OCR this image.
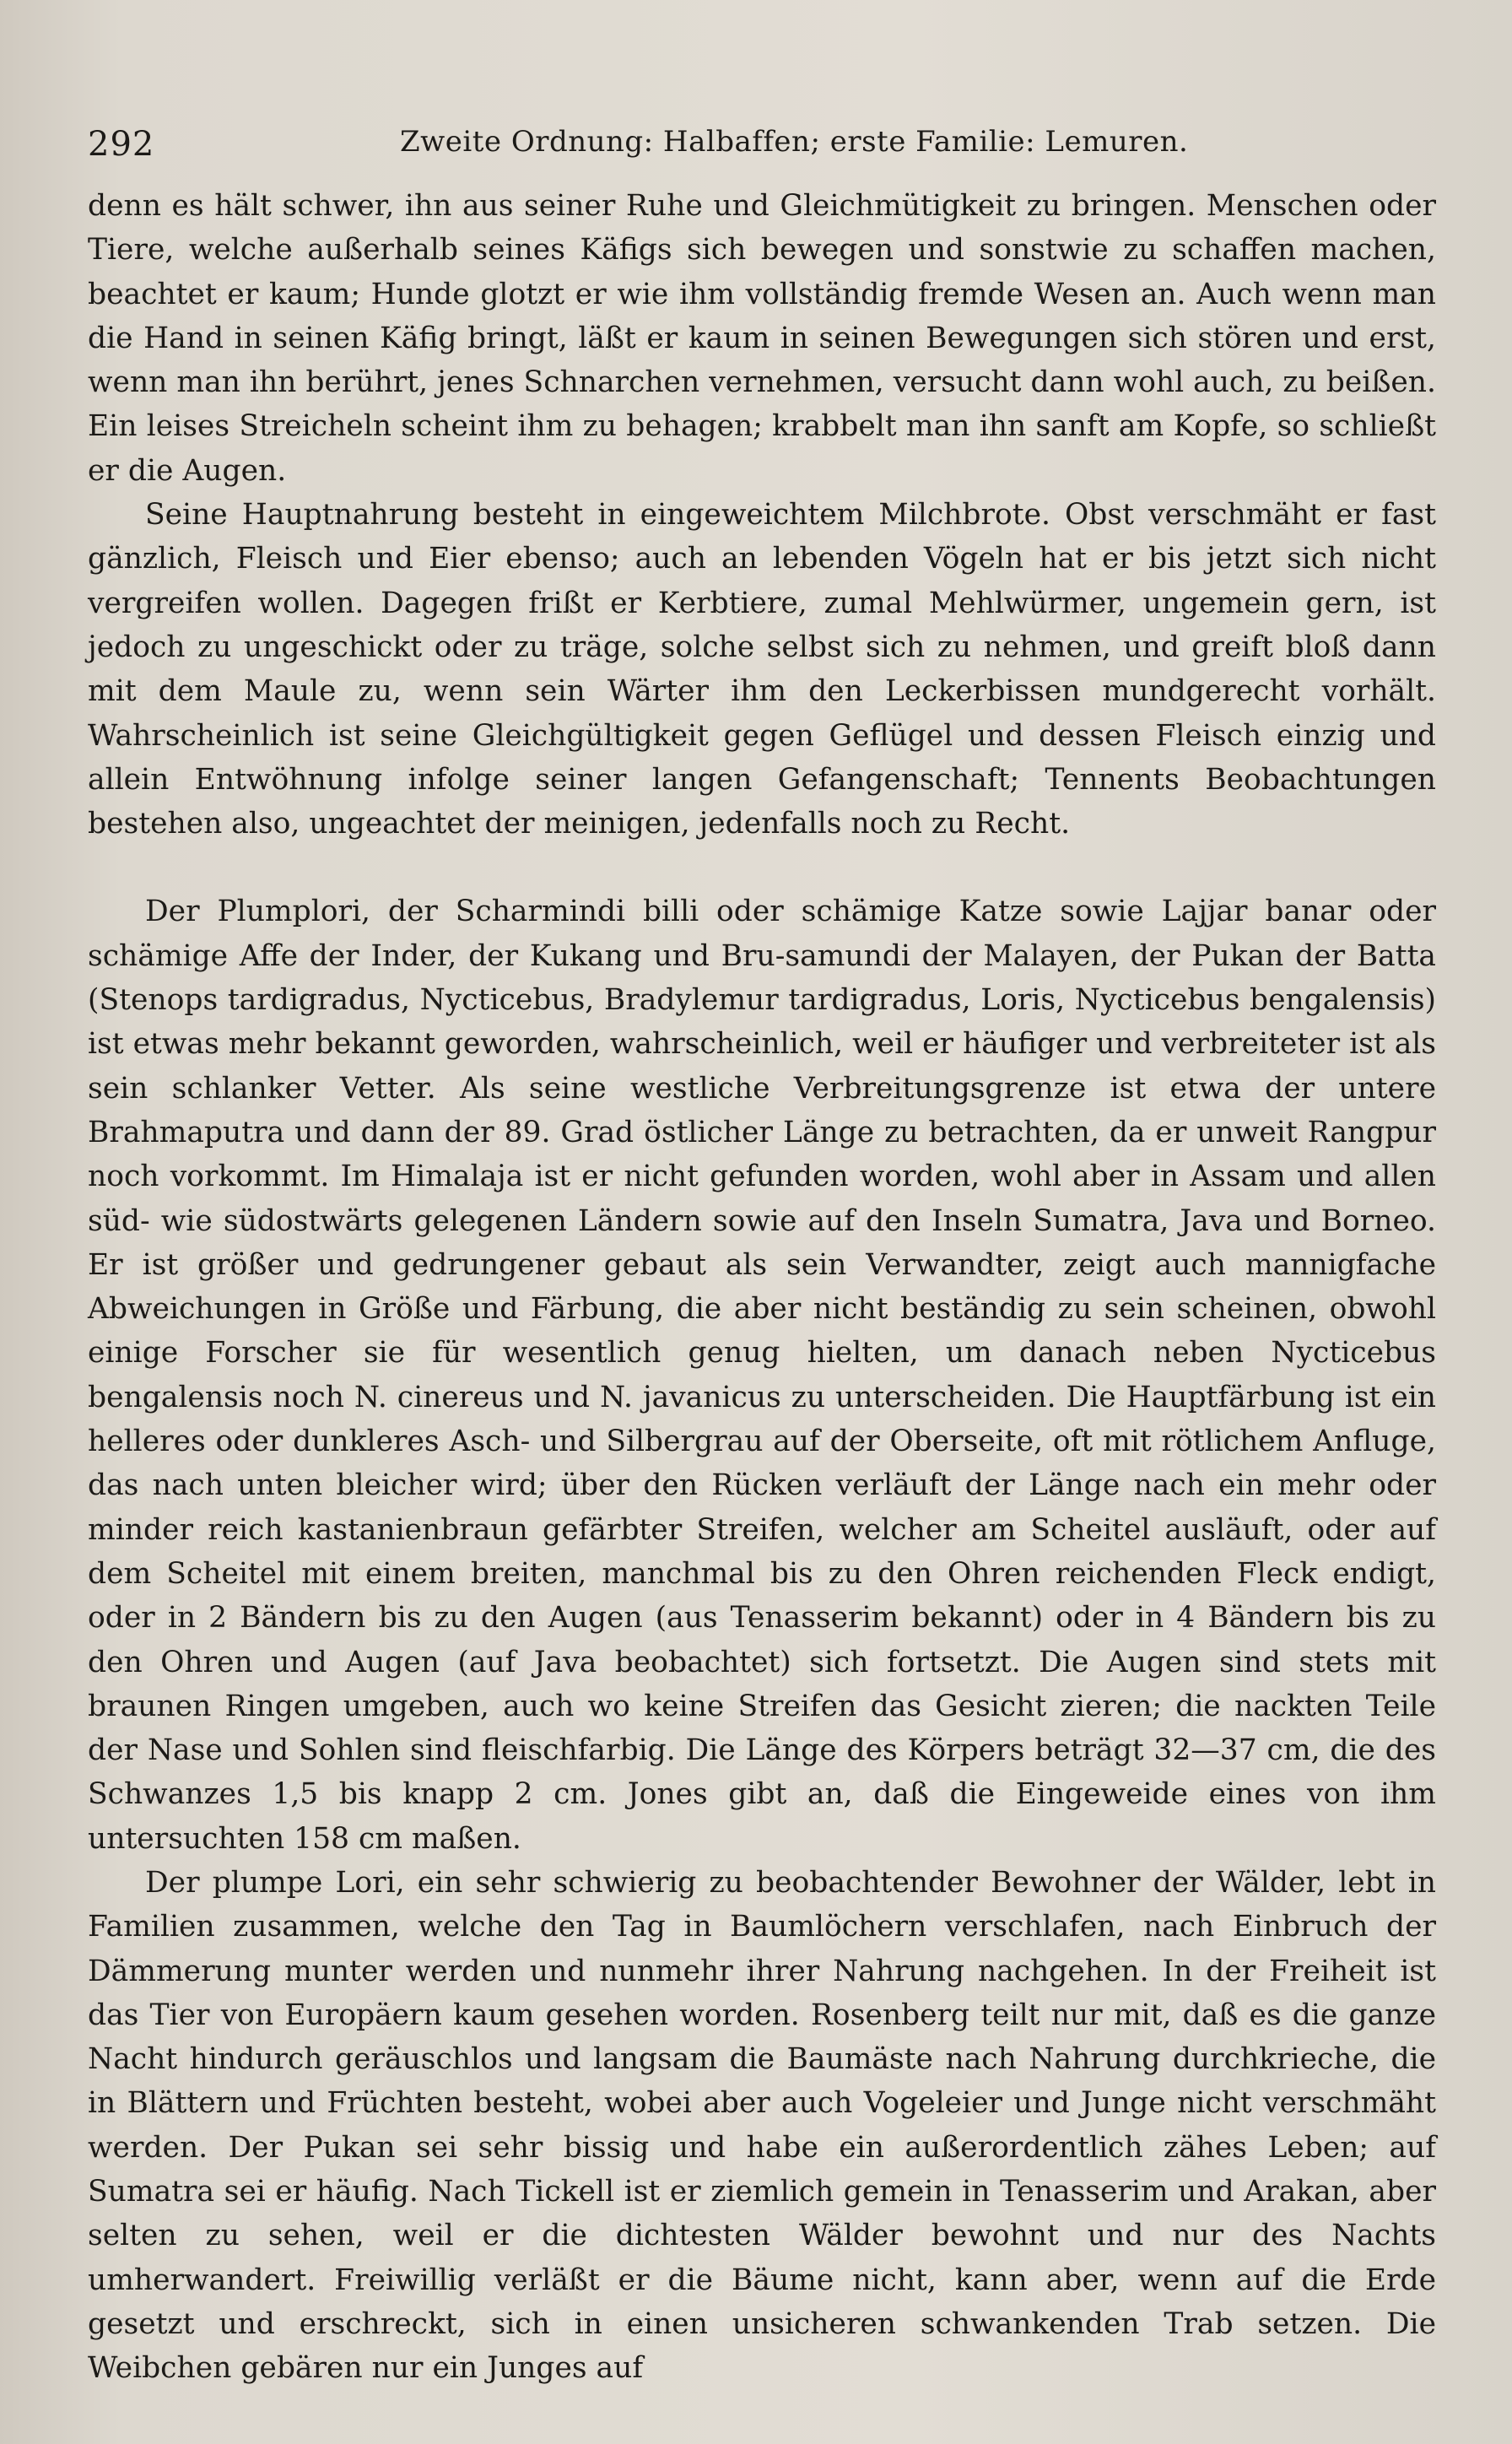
292	Zweite Ordnung: Halbaffen; erste Familie: Lemuren.

denn es hält schwer, ihn aus seiner Ruhe und Gleichmütigkeit zu bringen. Menschen oder Tiere, welche außerhalb seines Käfigs sich bewegen und sonstwie zu schaffen machen, beachtet er kaum; Hunde glotzt er wie ihm vollständig fremde Wesen an. Auch wenn man die Hand in seinen Käfig bringt, läßt er kaum in seinen Bewegungen sich stören und erst, wenn man ihn berührt, jenes Schnarchen vernehmen, versucht dann wohl auch, zu beißen. Ein leises Streicheln scheint ihm zu behagen; krabbelt man ihn sanft am Kopfe, so schließt er die Augen.

Seine Hauptnahrung besteht in eingeweichtem Milchbrote. Obst verschmäht er fast gänzlich, Fleisch und Eier ebenso; auch an lebenden Vögeln hat er bis jetzt sich nicht vergreifen wollen. Dagegen frißt er Kerbtiere, zumal Mehlwürmer, ungemein gern, ist jedoch zu ungeschickt oder zu träge, solche selbst sich zu nehmen, und greift bloß dann mit dem Maule zu, wenn sein Wärter ihm den Leckerbissen mundgerecht vorhält. Wahrscheinlich ist seine Gleichgültigkeit gegen Geflügel und dessen Fleisch einzig und allein Entwöhnung infolge seiner langen Gefangenschaft; Tennents Beobachtungen bestehen also, ungeachtet der meinigen, jedenfalls noch zu Recht.

Der Plumplori, der Scharmindi billi oder schämige Katze sowie Lajjar banar oder schämige Affe der Inder, der Kukang und Bru-samundi der Malayen, der Pukan der Batta (Stenops tardigradus, Nycticebus, Bradylemur tardigradus, Loris, Nycticebus bengalensis) ist etwas mehr bekannt geworden, wahrscheinlich, weil er häufiger und verbreiteter ist als sein schlanker Vetter. Als seine westliche Verbreitungsgrenze ist etwa der untere Brahmaputra und dann der 89. Grad östlicher Länge zu betrachten, da er unweit Rangpur noch vorkommt. Im Himalaja ist er nicht gefunden worden, wohl aber in Assam und allen süd- wie südostwärts gelegenen Ländern sowie auf den Inseln Sumatra, Java und Borneo. Er ist größer und gedrungener gebaut als sein Verwandter, zeigt auch mannigfache Abweichungen in Größe und Färbung, die aber nicht beständig zu sein scheinen, obwohl einige Forscher sie für wesentlich genug hielten, um danach neben Nycticebus bengalensis noch N. cinereus und N. javanicus zu unterscheiden. Die Hauptfärbung ist ein helleres oder dunkleres Asch- und Silbergrau auf der Oberseite, oft mit rötlichem Anfluge, das nach unten bleicher wird; über den Rücken verläuft der Länge nach ein mehr oder minder reich kastanienbraun gefärbter Streifen, welcher am Scheitel ausläuft, oder auf dem Scheitel mit einem breiten, manchmal bis zu den Ohren reichenden Fleck endigt, oder in 2 Bändern bis zu den Augen (aus Tenasserim bekannt) oder in 4 Bändern bis zu den Ohren und Augen (auf Java beobachtet) sich fortsetzt. Die Augen sind stets mit braunen Ringen umgeben, auch wo keine Streifen das Gesicht zieren; die nackten Teile der Nase und Sohlen sind fleischfarbig. Die Länge des Körpers beträgt 32—37 cm, die des Schwanzes 1,5 bis knapp 2 cm. Jones gibt an, daß die Eingeweide eines von ihm untersuchten 158 cm maßen.

Der plumpe Lori, ein sehr schwierig zu beobachtender Bewohner der Wälder, lebt in Familien zusammen, welche den Tag in Baumlöchern verschlafen, nach Einbruch der Dämmerung munter werden und nunmehr ihrer Nahrung nachgehen. In der Freiheit ist das Tier von Europäern kaum gesehen worden. Rosenberg teilt nur mit, daß es die ganze Nacht hindurch geräuschlos und langsam die Baumäste nach Nahrung durchkrieche, die in Blättern und Früchten besteht, wobei aber auch Vogeleier und Junge nicht verschmäht werden. Der Pukan sei sehr bissig und habe ein außerordentlich zähes Leben; auf Sumatra sei er häufig. Nach Tickell ist er ziemlich gemein in Tenasserim und Arakan, aber selten zu sehen, weil er die dichtesten Wälder bewohnt und nur des Nachts umherwandert. Freiwillig verläßt er die Bäume nicht, kann aber, wenn auf die Erde gesetzt und erschreckt, sich in einen unsicheren schwankenden Trab setzen. Die Weibchen gebären nur ein Junges auf
